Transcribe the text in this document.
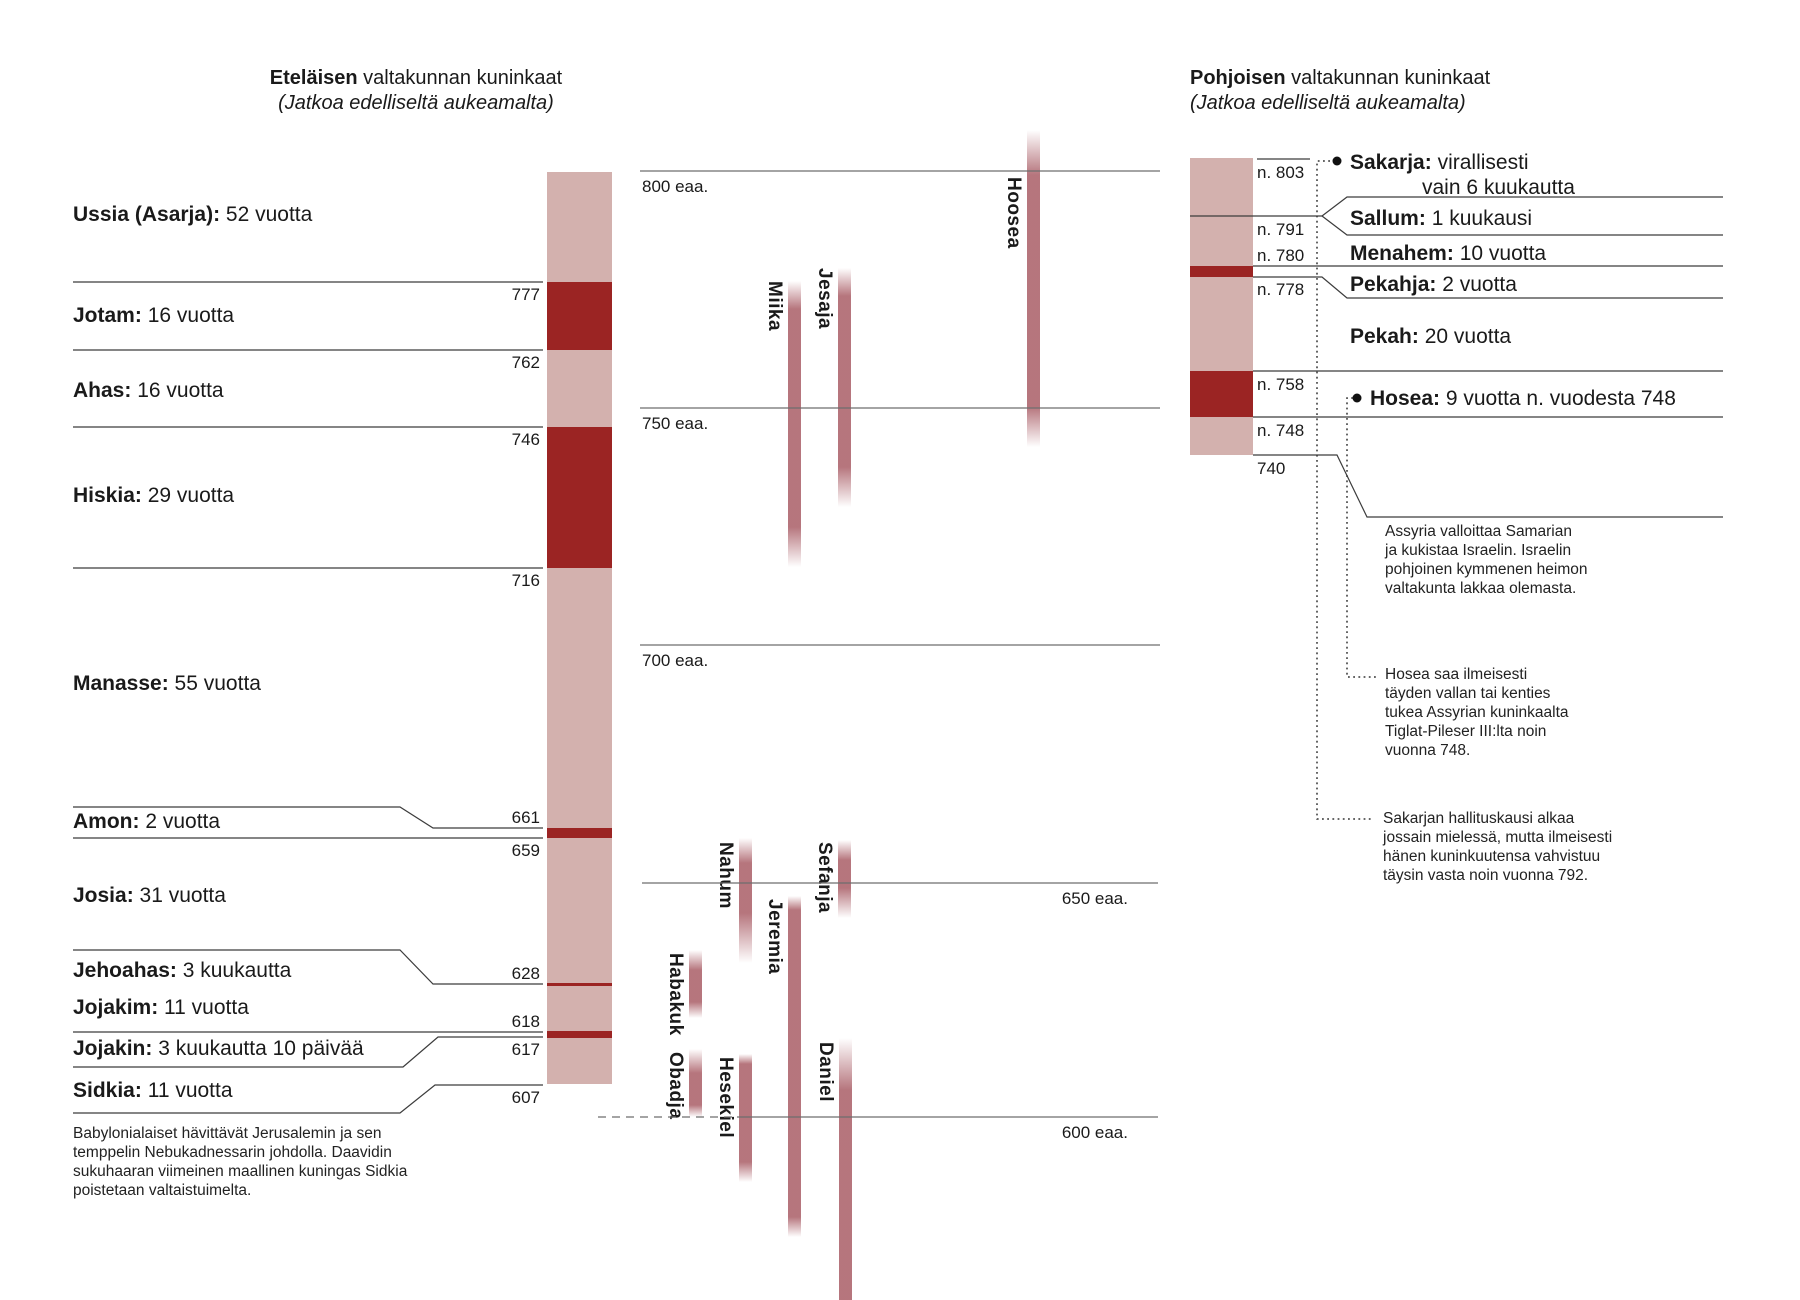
Eteläisen valtakunnan kuninkaat
(Jatkoa edelliseltä aukeamalta)
Pohjoisen valtakunnan kuninkaat
(Jatkoa edelliseltä aukeamalta)
Hoosea
Jesaja
Miika
Nahum	Sefanja
Jeremia
Habakuk
Obadja Hesekiel	Daniel
800 eaa.
750 eaa.
700 eaa.
650 eaa.
600 eaa.
777
762
746
716
661
659
628
618
617
607
n. 803
n. 791
n. 780
n. 778
n. 758
n. 748
740
Ussia (Asarja): 52 vuotta
Jotam: 16 vuotta
Ahas: 16 vuotta
Hiskia: 29 vuotta
Manasse: 55 vuotta
Amon: 2 vuotta
Josia: 31 vuotta
Jehoahas: 3 kuukautta
Jojakim: 11 vuotta
Jojakin: 3 kuukautta 10 päivää
Sidkia: 11 vuotta
Sakarja: virallisesti
vain 6 kuukautta
Sallum: 1 kuukausi
Menahem: 10 vuotta
Pekahja: 2 vuotta
Pekah: 20 vuotta
Hosea: 9 vuotta n. vuodesta 748
Babylonialaiset hävittävät Jerusalemin ja sen
temppelin Nebukadnessarin johdolla. Daavidin
sukuhaaran viimeinen maallinen kuningas Sidkia
poistetaan valtaistuimelta.
Assyria valloittaa Samarian
ja kukistaa Israelin. Israelin
pohjoinen kymmenen heimon
valtakunta lakkaa olemasta.
Hosea saa ilmeisesti
täyden vallan tai kenties
tukea Assyrian kuninkaalta
Tiglat-Pileser III:lta noin
vuonna 748.
Sakarjan hallituskausi alkaa
jossain mielessä, mutta ilmeisesti
hänen kuninkuutensa vahvistuu
täysin vasta noin vuonna 792.
